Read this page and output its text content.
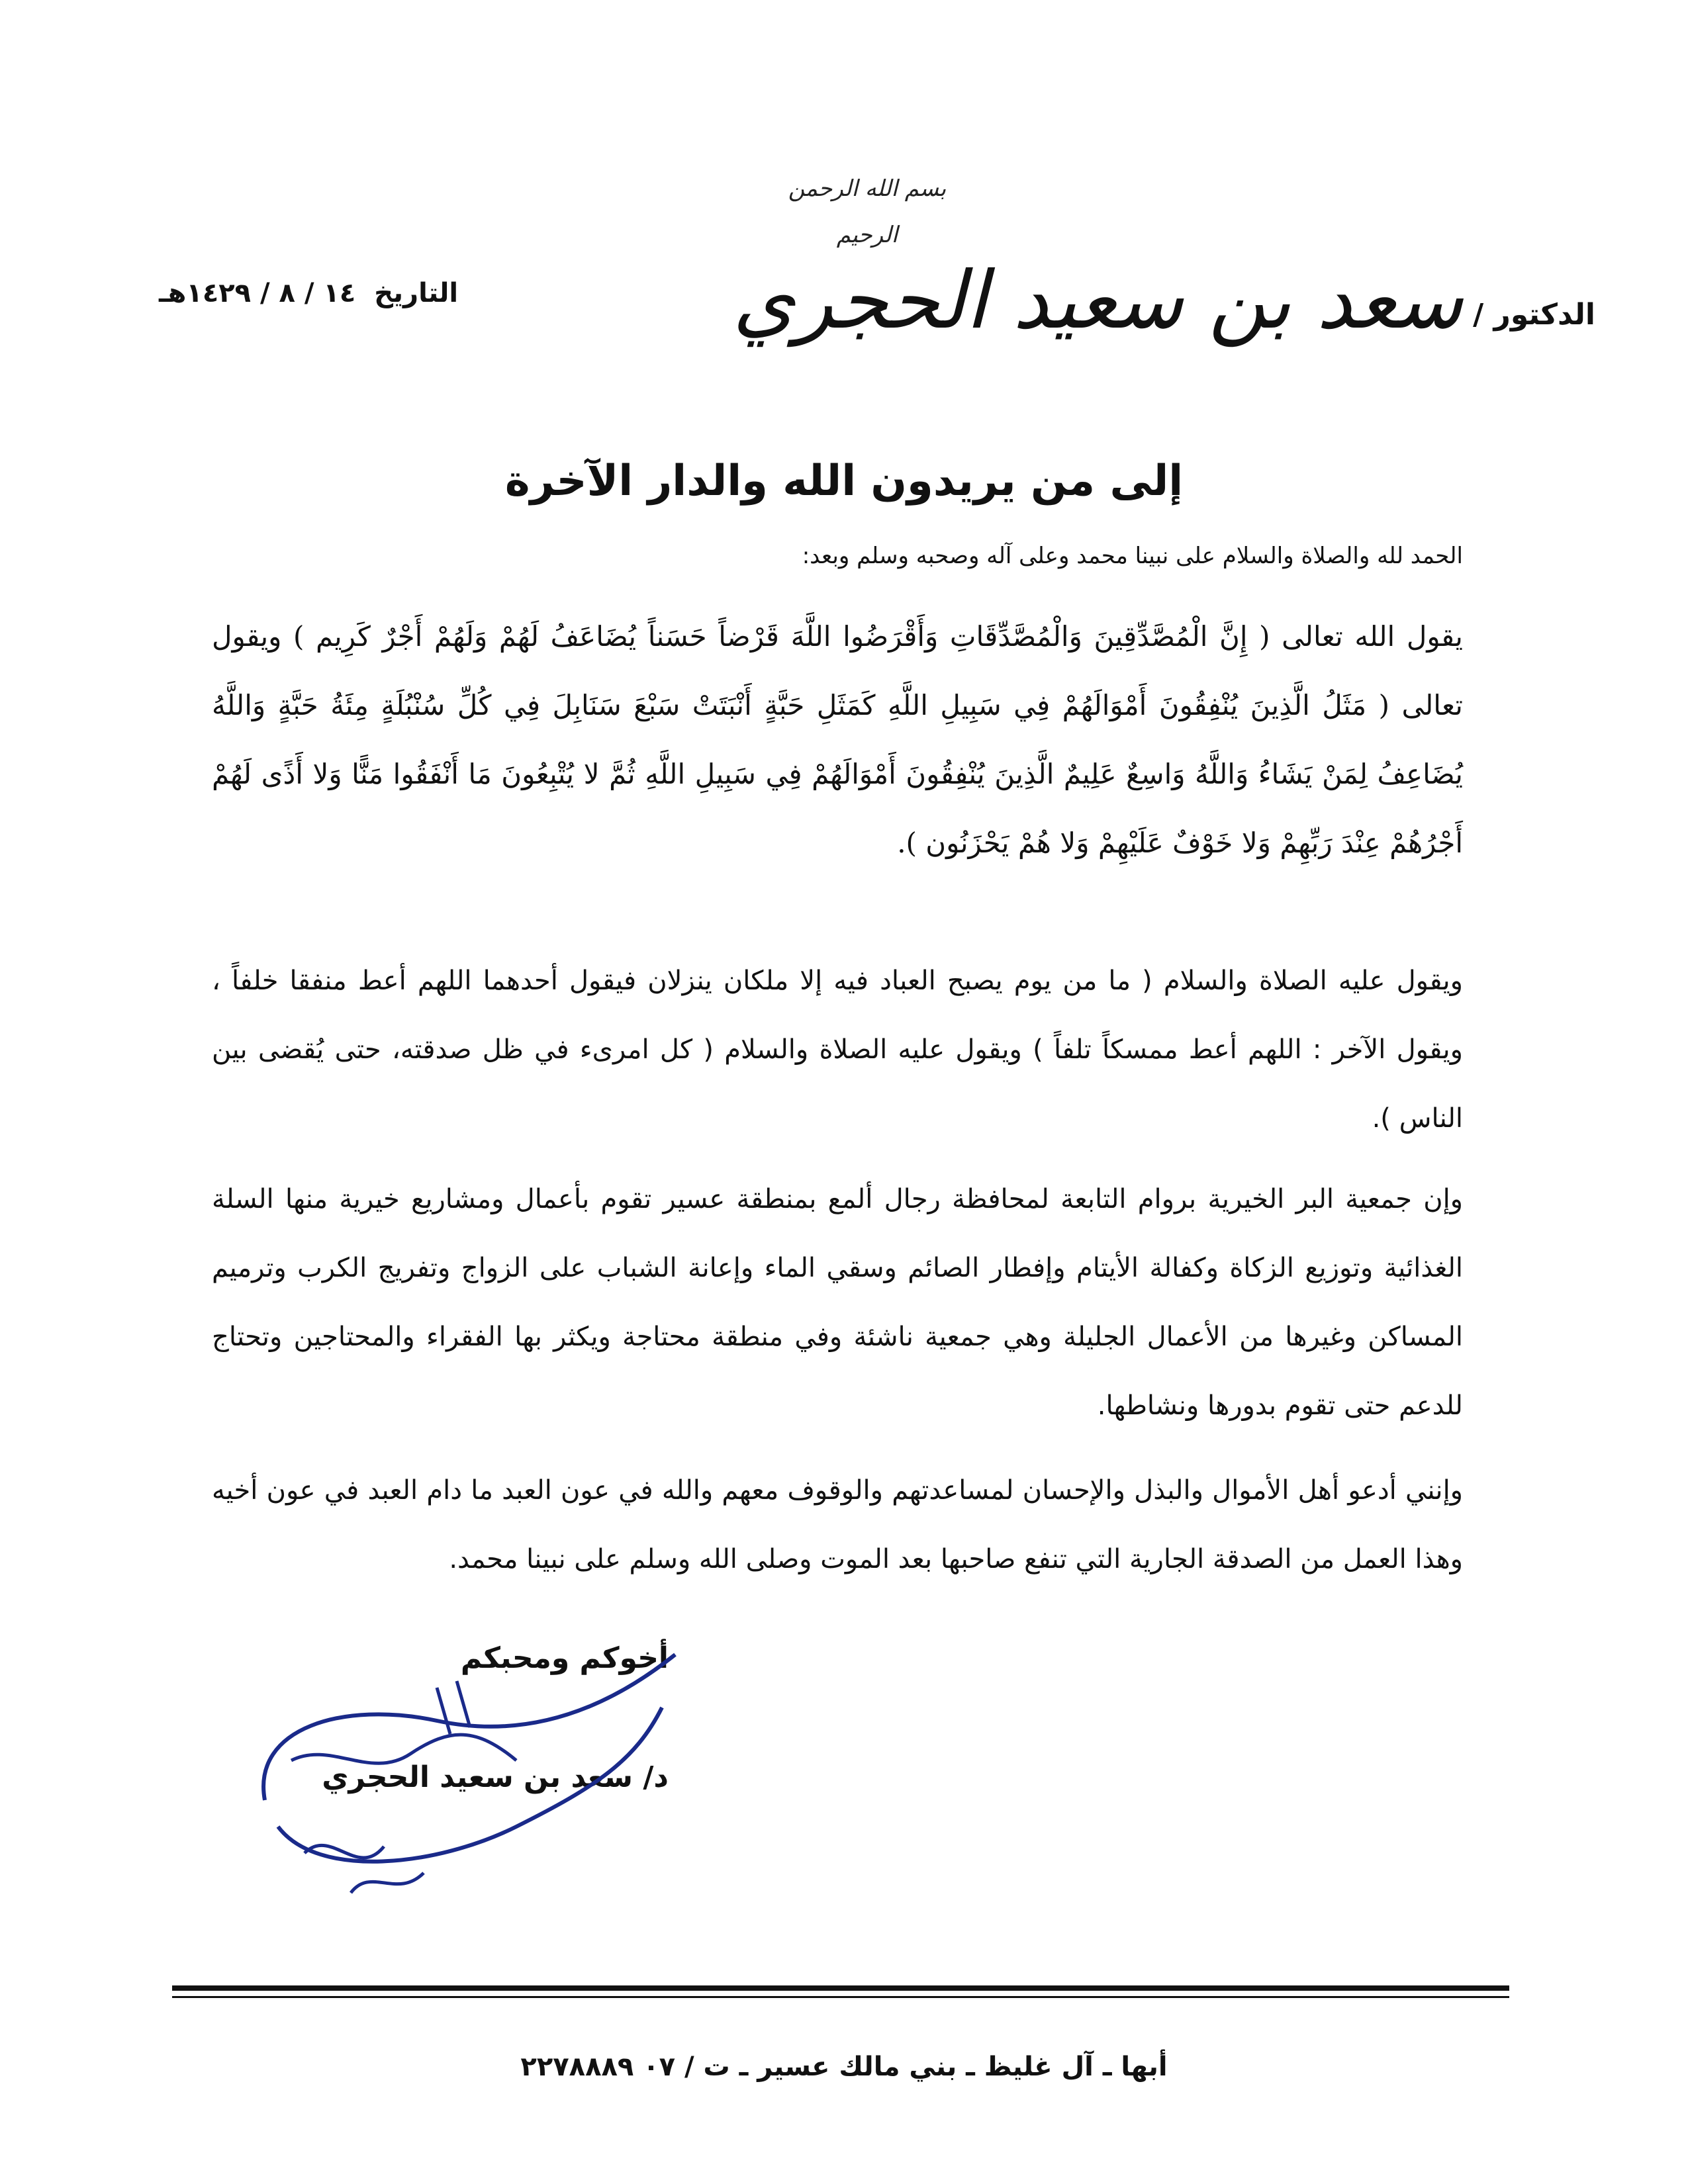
بسم الله الرحمن الرحيم
الدكتور /
سعد بن سعيد الحجري
التاريخ ١٤ / ٨ / ١٤٢٩هـ
إلى من يريدون الله والدار الآخرة
الحمد لله والصلاة والسلام على نبينا محمد وعلى آله وصحبه وسلم وبعد:
يقول الله تعالى ( إِنَّ الْمُصَّدِّقِينَ وَالْمُصَّدِّقَاتِ وَأَقْرَضُوا اللَّهَ قَرْضاً حَسَناً يُضَاعَفُ لَهُمْ وَلَهُمْ أَجْرٌ كَرِيم ) ويقول تعالى ( مَثَلُ الَّذِينَ يُنْفِقُونَ أَمْوَالَهُمْ فِي سَبِيلِ اللَّهِ كَمَثَلِ حَبَّةٍ أَنْبَتَتْ سَبْعَ سَنَابِلَ فِي كُلِّ سُنْبُلَةٍ مِئَةُ حَبَّةٍ وَاللَّهُ يُضَاعِفُ لِمَنْ يَشَاءُ وَاللَّهُ وَاسِعٌ عَلِيمٌ الَّذِينَ يُنْفِقُونَ أَمْوَالَهُمْ فِي سَبِيلِ اللَّهِ ثُمَّ لا يُتْبِعُونَ مَا أَنْفَقُوا مَنًّا وَلا أَذًى لَهُمْ أَجْرُهُمْ عِنْدَ رَبِّهِمْ وَلا خَوْفٌ عَلَيْهِمْ وَلا هُمْ يَحْزَنُون ).
ويقول عليه الصلاة والسلام ( ما من يوم يصبح العباد فيه إلا ملكان ينزلان فيقول أحدهما اللهم أعط منفقا خلفاً ، ويقول الآخر : اللهم أعط ممسكاً تلفاً ) ويقول عليه الصلاة والسلام ( كل امرىء في ظل صدقته، حتى يُقضى بين الناس ).
وإن جمعية البر الخيرية بروام التابعة لمحافظة رجال ألمع بمنطقة عسير تقوم بأعمال ومشاريع خيرية منها السلة الغذائية وتوزيع الزكاة وكفالة الأيتام وإفطار الصائم وسقي الماء وإعانة الشباب على الزواج وتفريج الكرب وترميم المساكن وغيرها من الأعمال الجليلة وهي جمعية ناشئة وفي منطقة محتاجة ويكثر بها الفقراء والمحتاجين وتحتاج للدعم حتى تقوم بدورها ونشاطها.
وإنني أدعو أهل الأموال والبذل والإحسان لمساعدتهم والوقوف معهم والله في عون العبد ما دام العبد في عون أخيه وهذا العمل من الصدقة الجارية التي تنفع صاحبها بعد الموت وصلى الله وسلم على نبينا محمد.
أخوكم ومحبكم
د/ سعد بن سعيد الحجري
أبها ـ آل غليظ ـ بني مالك عسير ـ ت / ٠٧ ٢٢٧٨٨٨٩
